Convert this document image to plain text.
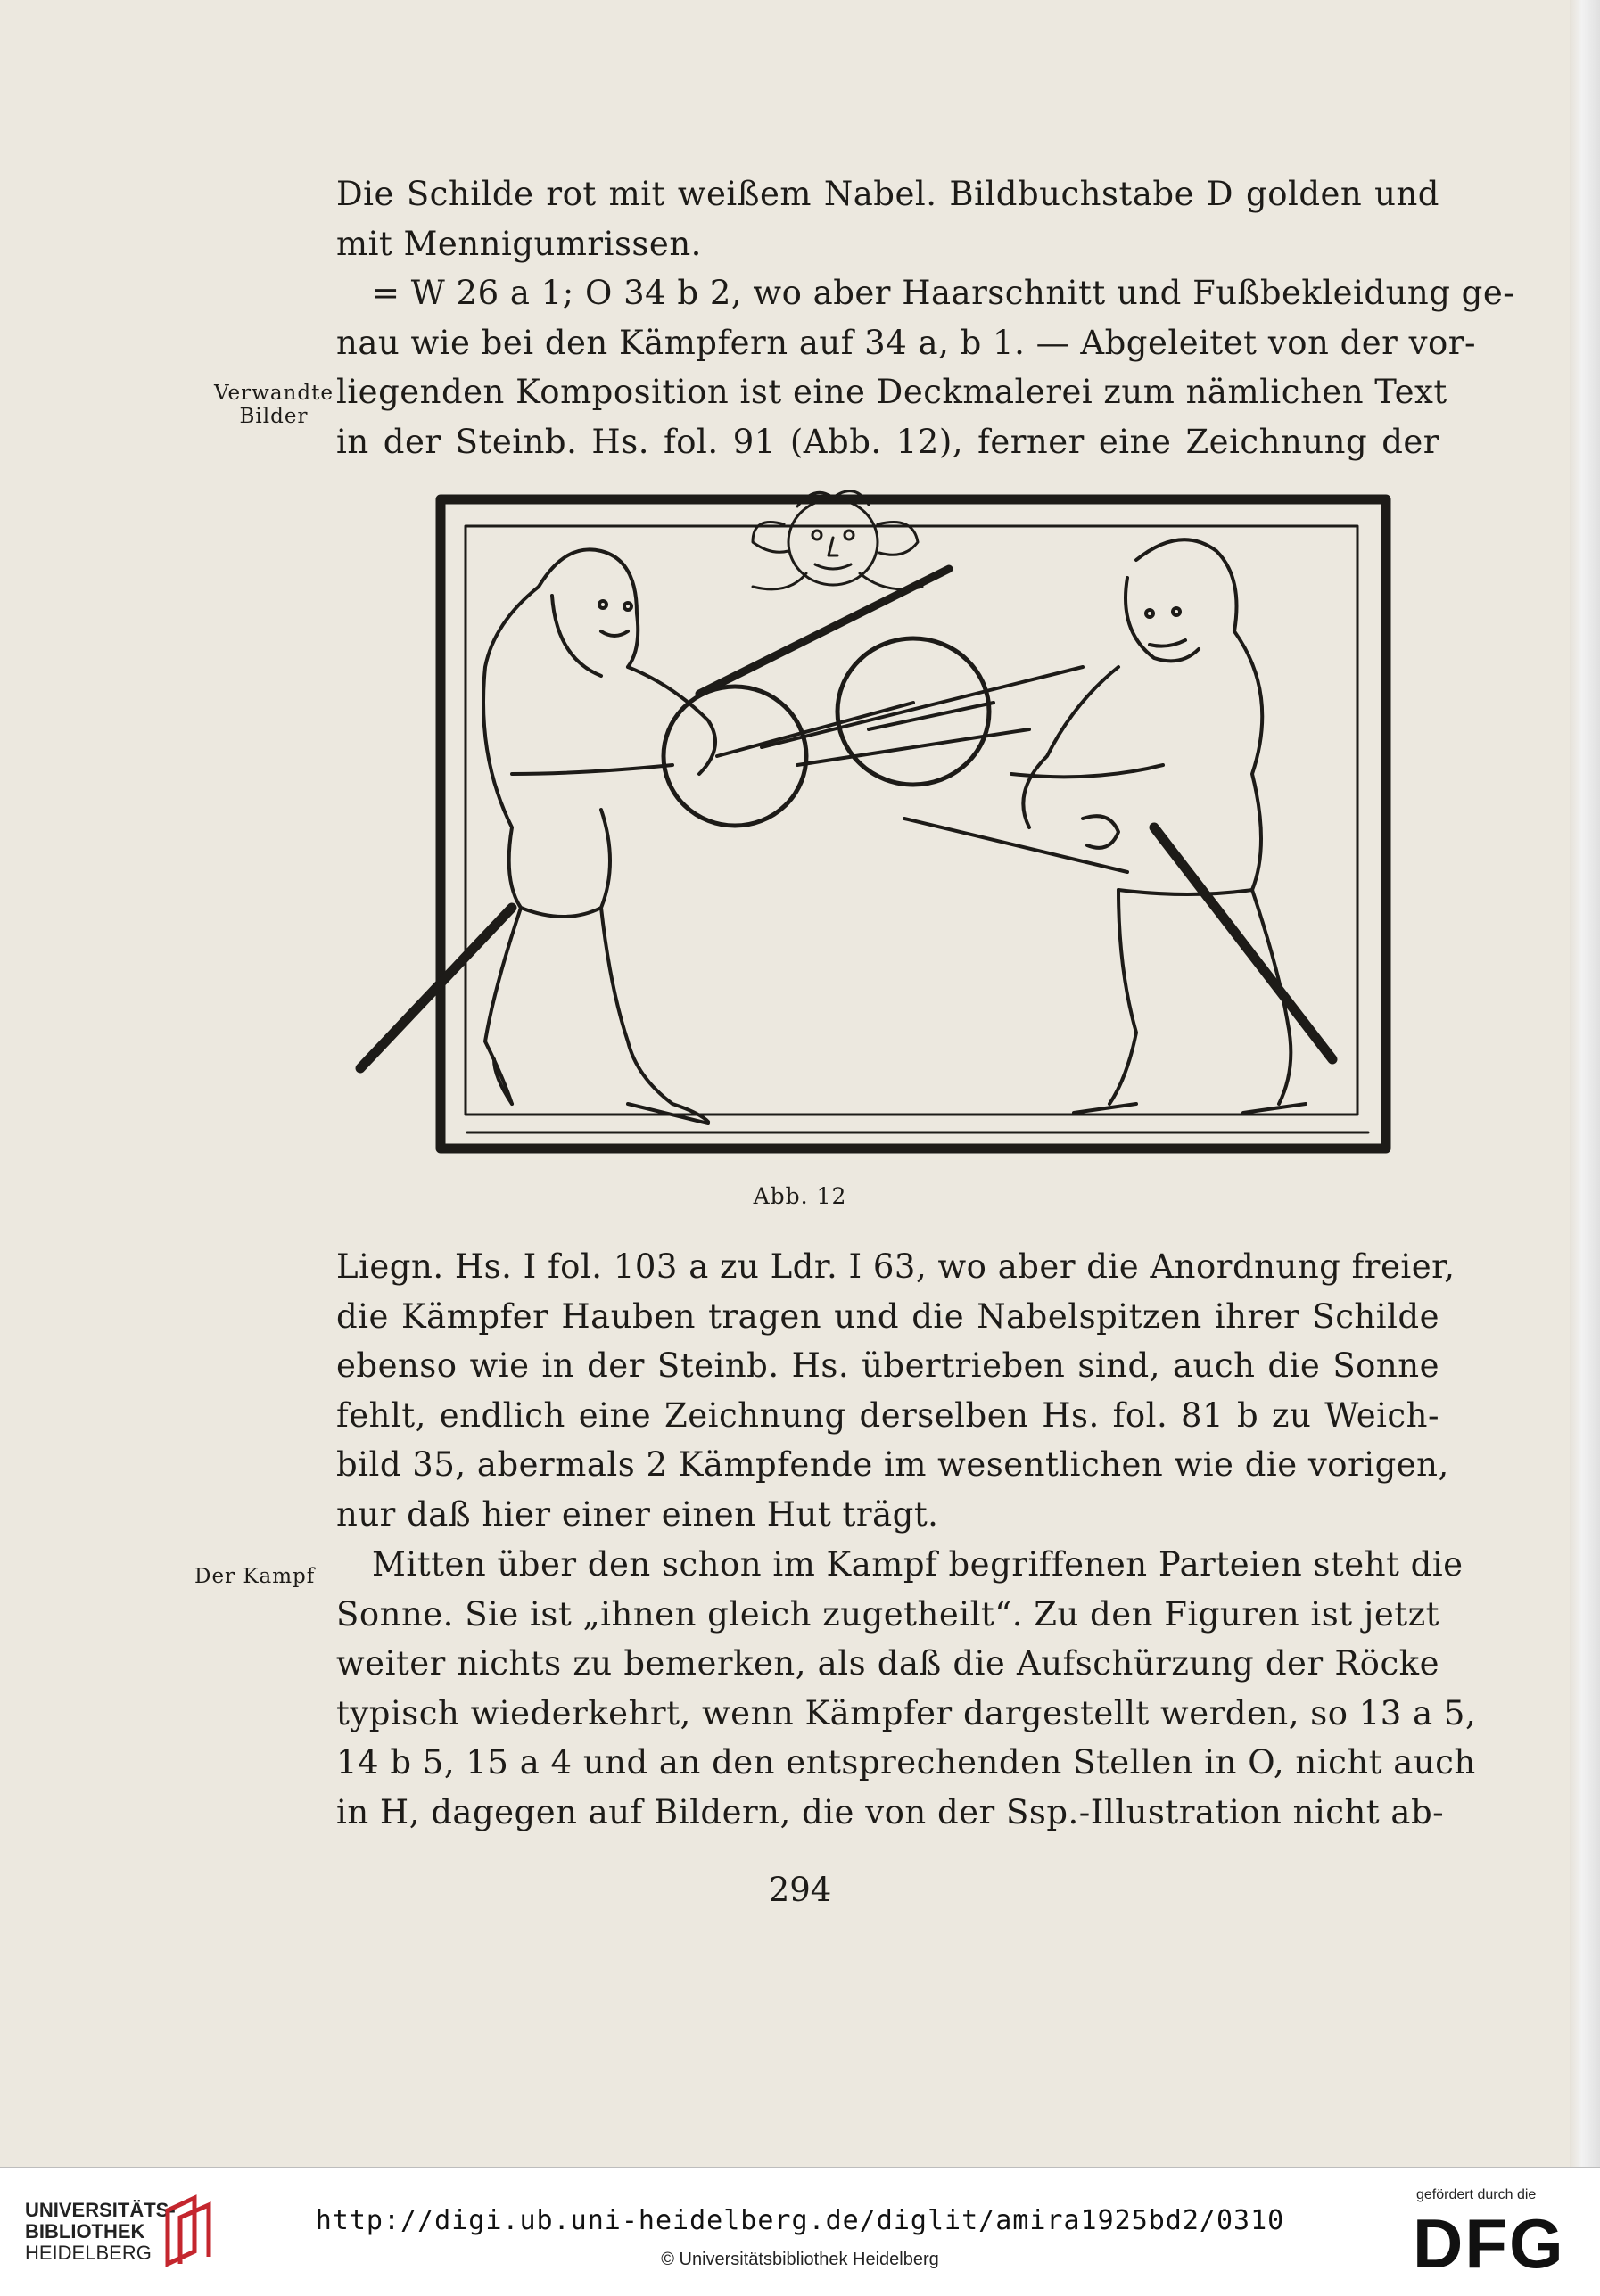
Die Schilde rot mit weißem Nabel. Bildbuchstabe D golden und
mit Mennigumrissen.
= W 26 a 1; O 34 b 2, wo aber Haarschnitt und Fußbekleidung ge-
nau wie bei den Kämpfern auf 34 a, b 1. — Abgeleitet von der vor-
liegenden Komposition ist eine Deckmalerei zum nämlichen Text
in der Steinb. Hs. fol. 91 (Abb. 12), ferner eine Zeichnung der
Verwandte
Bilder
Abb. 12
Liegn. Hs. I fol. 103 a zu Ldr. I 63, wo aber die Anordnung freier,
die Kämpfer Hauben tragen und die Nabelspitzen ihrer Schilde
ebenso wie in der Steinb. Hs. übertrieben sind, auch die Sonne
fehlt, endlich eine Zeichnung derselben Hs. fol. 81 b zu Weich-
bild 35, abermals 2 Kämpfende im wesentlichen wie die vorigen,
nur daß hier einer einen Hut trägt.
Der Kampf	Mitten über den schon im Kampf begriffenen Parteien steht die
Sonne. Sie ist „ihnen gleich zugetheilt“. Zu den Figuren ist jetzt
weiter nichts zu bemerken, als daß die Aufschürzung der Röcke
typisch wiederkehrt, wenn Kämpfer dargestellt werden, so 13 a 5,
14 b 5, 15 a 4 und an den entsprechenden Stellen in O, nicht auch
in H, dagegen auf Bildern, die von der Ssp.-Illustration nicht ab-
294
UNIVERSITÄTS-
BIBLIOTHEK
HEIDELBERG
http://digi.ub.uni-heidelberg.de/diglit/amira1925bd2/0310
© Universitätsbibliothek Heidelberg
gefördert durch die
DFG
